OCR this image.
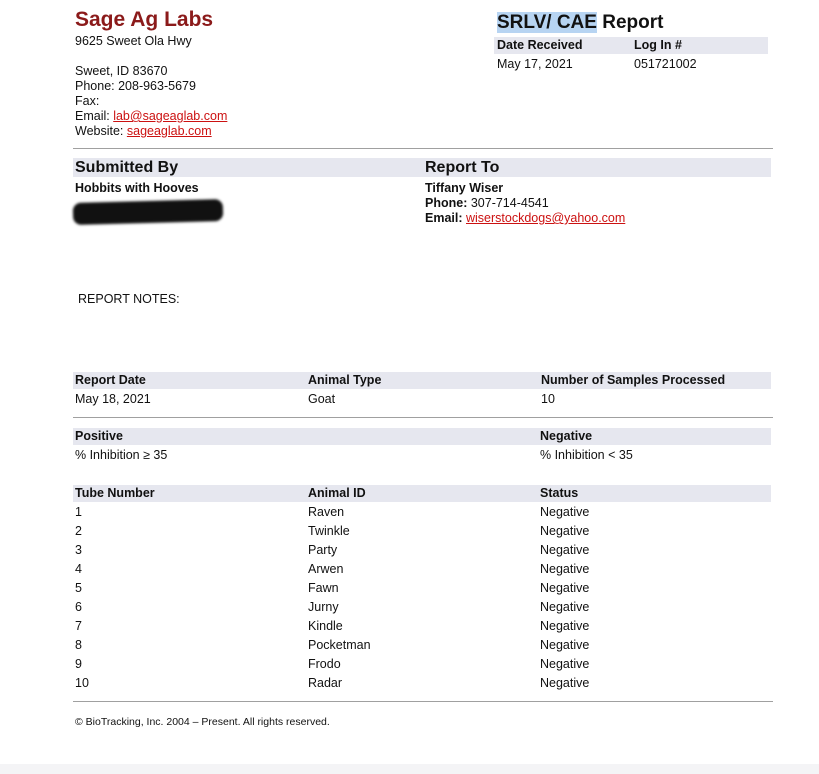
Sage Ag Labs
9625 Sweet Ola Hwy
Sweet, ID 83670
Phone: 208-963-5679
Fax:
Email: lab@sageaglab.com
Website: sageaglab.com
SRLV/ CAE Report
Date Received	Log In #
May 17, 2021	051721002
Submitted By	Report To
Hobbits with Hooves	Tiffany Wiser
Phone: 307-714-4541
Email: wiserstockdogs@yahoo.com
REPORT NOTES:
Report Date	Animal Type	Number of Samples Processed
May 18, 2021	Goat	10
Positive	Negative
% Inhibition ≥ 35	% Inhibition < 35
Tube Number	Animal ID	Status
1	Raven	Negative
2	Twinkle	Negative
3	Party	Negative
4	Arwen	Negative
5	Fawn	Negative
6	Jurny	Negative
7	Kindle	Negative
8	Pocketman	Negative
9	Frodo	Negative
10	Radar	Negative
© BioTracking, Inc. 2004 – Present. All rights reserved.
